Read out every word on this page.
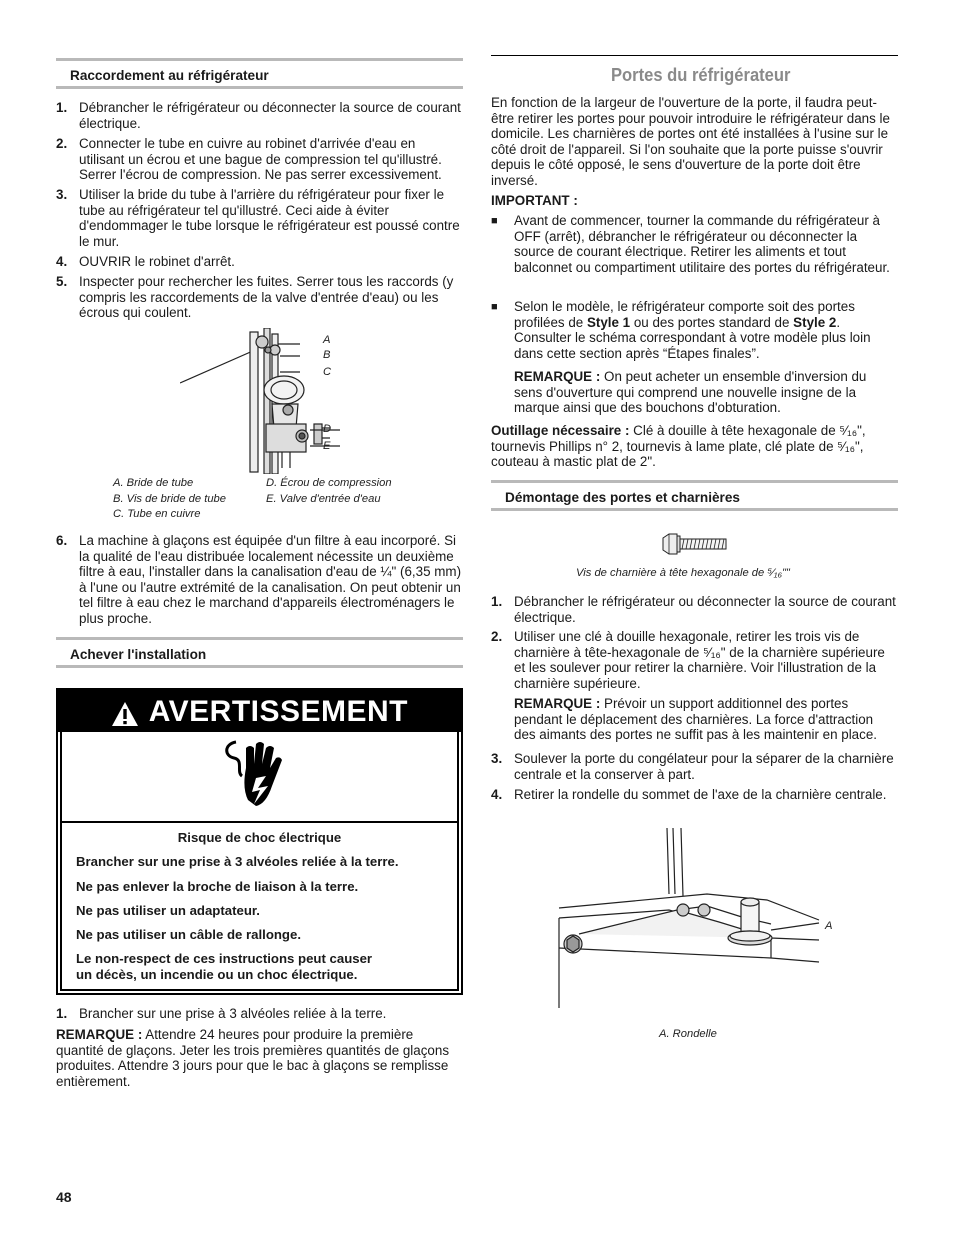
Raccordement au réfrigérateur
1. Débrancher le réfrigérateur ou déconnecter la source de courant électrique.
2. Connecter le tube en cuivre au robinet d'arrivée d'eau en utilisant un écrou et une bague de compression tel qu'illustré. Serrer l'écrou de compression. Ne pas serrer excessivement.
3. Utiliser la bride du tube à l'arrière du réfrigérateur pour fixer le tube au réfrigérateur tel qu'illustré. Ceci aide à éviter d'endommager le tube lorsque le réfrigérateur est poussé contre le mur.
4. OUVRIR le robinet d'arrêt.
5. Inspecter pour rechercher les fuites. Serrer tous les raccords (y compris les raccordements de la valve d'entrée d'eau) ou les écrous qui coulent.
A
B
C
D
E
A. Bride de tube
B. Vis de bride de tube
C. Tube en cuivre
D. Écrou de compression
E. Valve d'entrée d'eau
6. La machine à glaçons est équipée d'un filtre à eau incorporé. Si la qualité de l'eau distribuée localement nécessite un deuxième filtre à eau, l'installer dans la canalisation d'eau de ¼" (6,35 mm) à l'une ou l'autre extrémité de la canalisation. On peut obtenir un tel filtre à eau chez le marchand d'appareils électroménagers le plus proche.
Achever l'installation
AVERTISSEMENT
Risque de choc électrique
Brancher sur une prise à 3 alvéoles reliée à la terre.
Ne pas enlever la broche de liaison à la terre.
Ne pas utiliser un adaptateur.
Ne pas utiliser un câble de rallonge.
Le non-respect de ces instructions peut causer
un décès, un incendie ou un choc électrique.
1. Brancher sur une prise à 3 alvéoles reliée à la terre.
REMARQUE : Attendre 24 heures pour produire la première quantité de glaçons. Jeter les trois premières quantités de glaçons produites. Attendre 3 jours pour que le bac à glaçons se remplisse entièrement.
Portes du réfrigérateur
En fonction de la largeur de l'ouverture de la porte, il faudra peut-être retirer les portes pour pouvoir introduire le réfrigérateur dans le domicile. Les charnières de portes ont été installées à l'usine sur le côté droit de l'appareil. Si l'on souhaite que la porte puisse s'ouvrir depuis le côté opposé, le sens d'ouverture de la porte doit être inversé.
IMPORTANT :
■ Avant de commencer, tourner la commande du réfrigérateur à OFF (arrêt), débrancher le réfrigérateur ou déconnecter la source de courant électrique. Retirer les aliments et tout balconnet ou compartiment utilitaire des portes du réfrigérateur.
■ Selon le modèle, le réfrigérateur comporte soit des portes profilées de Style 1 ou des portes standard de Style 2. Consulter le schéma correspondant à votre modèle plus loin dans cette section après “Étapes finales”.
REMARQUE : On peut acheter un ensemble d'inversion du sens d'ouverture qui comprend une nouvelle insigne de la marque ainsi que des bouchons d'obturation.
Outillage nécessaire : Clé à douille à tête hexagonale de ⁵⁄₁₆", tournevis Phillips n° 2, tournevis à lame plate, clé plate de ⁵⁄₁₆", couteau à mastic plat de 2".
Démontage des portes et charnières
Vis de charnière à tête hexagonale de ⁵⁄₁₆""
1. Débrancher le réfrigérateur ou déconnecter la source de courant électrique.
2. Utiliser une clé à douille hexagonale, retirer les trois vis de charnière à tête-hexagonale de ⁵⁄₁₆" de la charnière supérieure et les soulever pour retirer la charnière. Voir l'illustration de la charnière supérieure.
REMARQUE : Prévoir un support additionnel des portes pendant le déplacement des charnières. La force d'attraction des aimants des portes ne suffit pas à les maintenir en place.
3. Soulever la porte du congélateur pour la séparer de la charnière centrale et la conserver à part.
4. Retirer la rondelle du sommet de l'axe de la charnière centrale.
A
A. Rondelle
48
